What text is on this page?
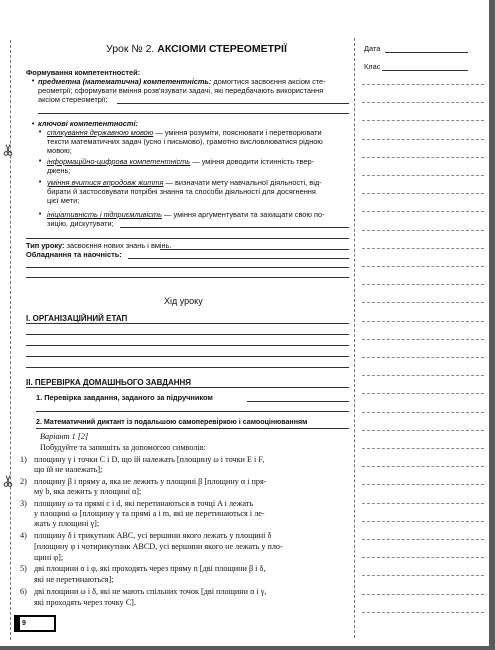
Урок № 2. АКСІОМИ СТЕРЕОМЕТРІЇ	Дата
Клас
Формування компетентностей:
• предметна (математична) компетентність: домогтися засвоєння аксіом сте-
реометрії; сформувати вміння розв'язувати задачі, які передбачають використання
аксіом стереометрії;
• ключові компетентності:
• спілкування державною мовою — уміння розуміти, пояснювати і перетворювати
тексти математичних задач (усно і письмово), грамотно висловлюватися рідною
мовою;
• інформаційно-цифрова компетентність — уміння доводити істинність твер-
джень;
• уміння вчитися впродовж життя — визначати мету навчальної діяльності, від-
бирати й застосовувати потрібні знання та способи діяльності для досягнення
цієї мети;
• ініціативність і підприємливість — уміння аргументувати та захищати свою по-
зицію, дискутувати;
Тип уроку: засвоєння нових знань і вмінь.
Обладнання та наочність:
Хід уроку
І. ОРГАНІЗАЦІЙНИЙ ЕТАП
ІІ. ПЕРЕВІРКА ДОМАШНЬОГО ЗАВДАННЯ
1. Перевірка завдання, заданого за підручником
2. Математичний диктант із подальшою самоперевіркою і самооцінюванням
Варіант 1 [2]
Побудуйте та запишіть за допомогою символів:
1) площину γ і точки C і D, що їй належать [площину ω і точки E і F,
що їй не належать];
2) площину β і пряму a, яка не лежить у площині β [площину α і пря-
му b, яка лежить у площині α];
3) площину ω та прямі c і d, які перетинаються в точці A і лежать
у площині ω [площину γ та прямі a і m, які не перетинаються і ле-
жать у площині γ];
4) площину δ і трикутник ABC, усі вершини якого лежать у площині δ
[площину φ і чотирикутник ABCD, усі вершини якого не лежать у пло-
щині φ];
5) дві площини α і φ, які проходять через пряму n [дві площини β і δ,
які не перетинаються];
6) дві площини ω і δ, які не мають спільних точок [дві площини α і γ,
які проходять через точку C].
9
